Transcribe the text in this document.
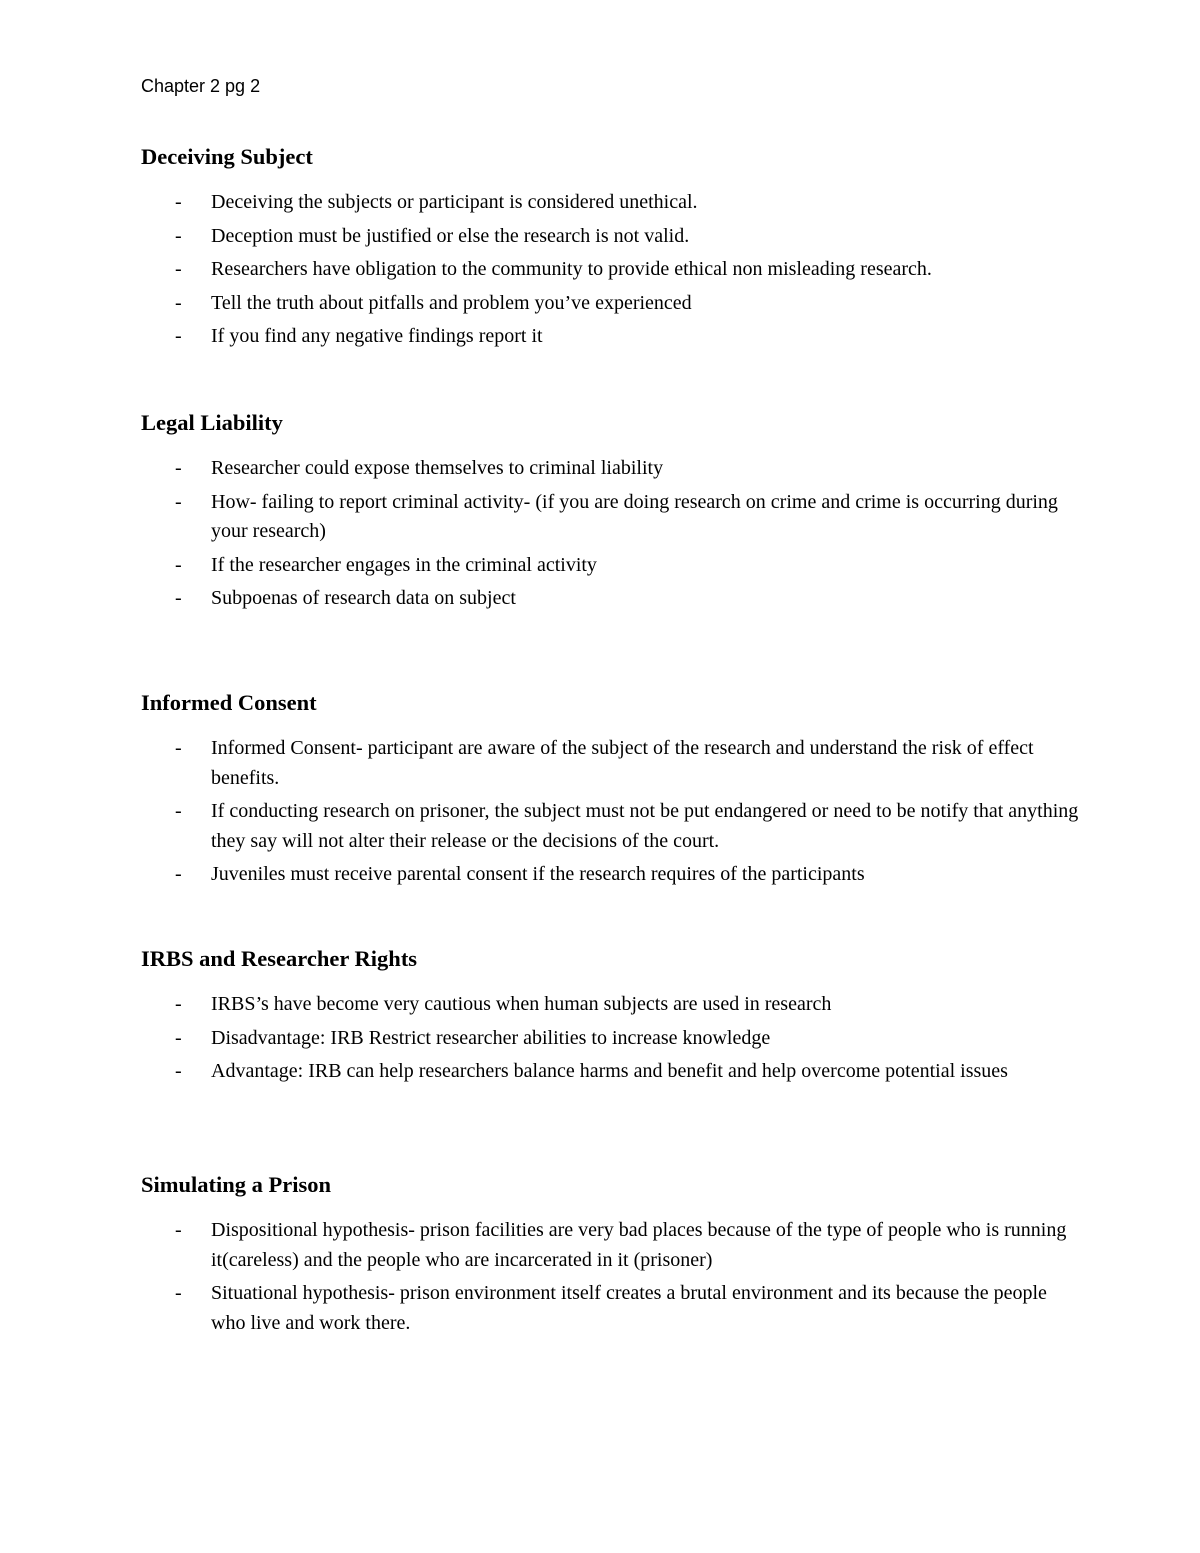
Chapter 2 pg 2
Deceiving Subject
- Deceiving the subjects or participant is considered unethical.
- Deception must be justified or else the research is not valid.
- Researchers have obligation to the community to provide ethical non misleading research.
- Tell the truth about pitfalls and problem you’ve experienced
- If you find any negative findings report it
Legal Liability
- Researcher could expose themselves to criminal liability
- How- failing to report criminal activity- (if you are doing research on crime and crime is occurring during your research)
- If the researcher engages in the criminal activity
- Subpoenas of research data on subject
Informed Consent
- Informed Consent- participant are aware of the subject of the research and understand the risk of effect benefits.
- If conducting research on prisoner, the subject must not be put endangered or need to be notify that anything they say will not alter their release or the decisions of the court.
- Juveniles must receive parental consent if the research requires of the participants
IRBS and Researcher Rights
- IRBS’s have become very cautious when human subjects are used in research
- Disadvantage: IRB Restrict researcher abilities to increase knowledge
- Advantage: IRB can help researchers balance harms and benefit and help overcome potential issues
Simulating a Prison
- Dispositional hypothesis- prison facilities are very bad places because of the type of people who is running it(careless) and the people who are incarcerated in it (prisoner)
- Situational hypothesis- prison environment itself creates a brutal environment and its because the people who live and work there.
